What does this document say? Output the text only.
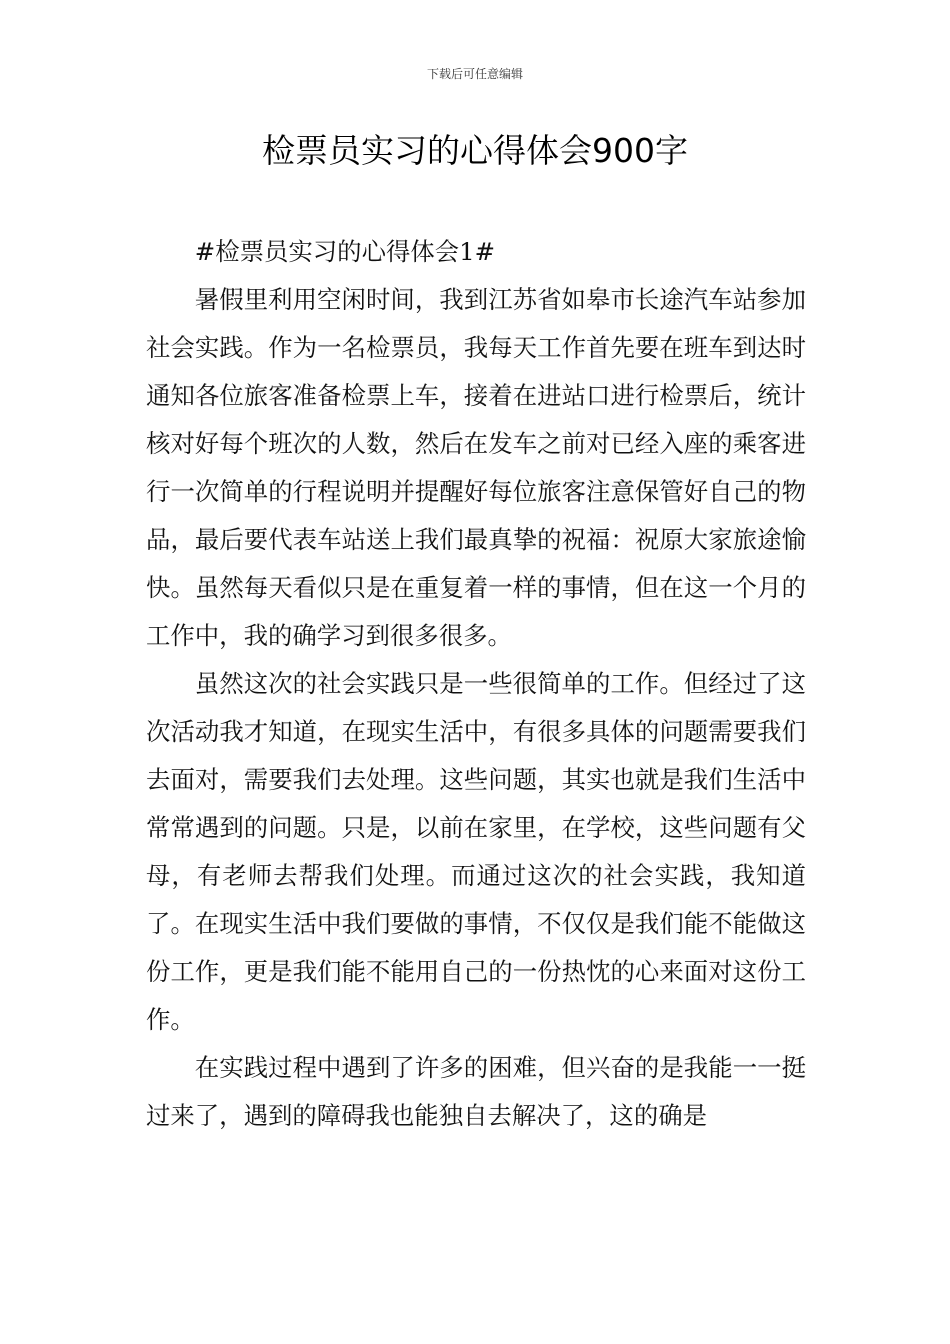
下载后可任意编辑
检票员实习的心得体会900字

#检票员实习的心得体会1#

暑假里利用空闲时间，我到江苏省如皋市长途汽车站参加社会实践。作为一名检票员，我每天工作首先要在班车到达时通知各位旅客准备检票上车，接着在进站口进行检票后，统计核对好每个班次的人数，然后在发车之前对已经入座的乘客进行一次简单的行程说明并提醒好每位旅客注意保管好自己的物品，最后要代表车站送上我们最真挚的祝福：祝原大家旅途愉快。虽然每天看似只是在重复着一样的事情，但在这一个月的工作中，我的确学习到很多很多。

虽然这次的社会实践只是一些很简单的工作。但经过了这次活动我才知道，在现实生活中，有很多具体的问题需要我们去面对，需要我们去处理。这些问题，其实也就是我们生活中常常遇到的问题。只是，以前在家里，在学校，这些问题有父母，有老师去帮我们处理。而通过这次的社会实践，我知道了。在现实生活中我们要做的事情，不仅仅是我们能不能做这份工作，更是我们能不能用自己的一份热忱的心来面对这份工作。

在实践过程中遇到了许多的困难，但兴奋的是我能一一挺过来了，遇到的障碍我也能独自去解决了，这的确是
